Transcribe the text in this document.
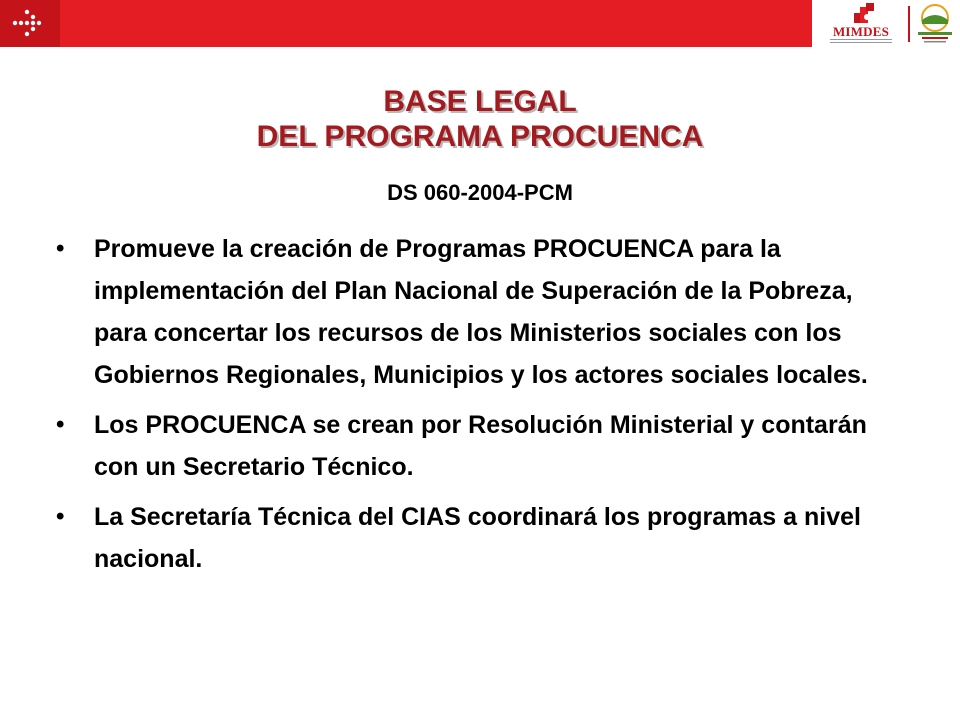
MIMDES
BASE LEGAL
DEL PROGRAMA PROCUENCA
DS 060-2004-PCM
• Promueve la creación de Programas PROCUENCA para la implementación del Plan Nacional de Superación de la Pobreza, para concertar los recursos de los Ministerios sociales con los Gobiernos Regionales, Municipios y los actores sociales locales.
• Los PROCUENCA se crean por Resolución Ministerial y contarán con un Secretario Técnico.
• La Secretaría Técnica del CIAS coordinará los programas a nivel nacional.
